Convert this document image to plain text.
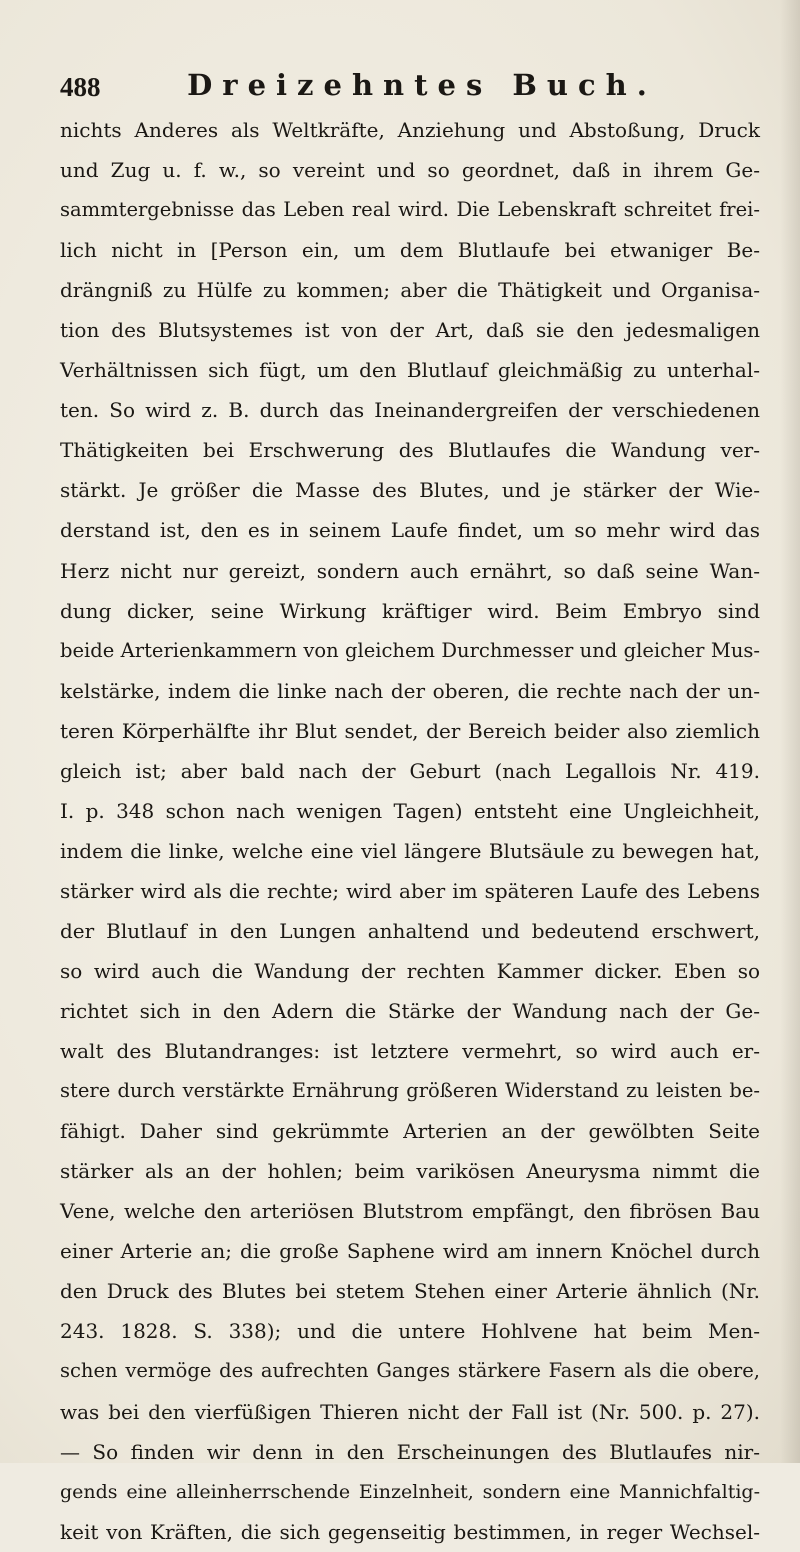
488	Dreizehntes Buch.
nichts Anderes als Weltkräfte, Anziehung und Abstoßung, Druck
und Zug u. f. w., so vereint und so geordnet, daß in ihrem Ge-
sammtergebnisse das Leben real wird. Die Lebenskraft schreitet frei-
lich nicht in [Person ein, um dem Blutlaufe bei etwaniger Be-
drängniß zu Hülfe zu kommen; aber die Thätigkeit und Organisa-
tion des Blutsystemes ist von der Art, daß sie den jedesmaligen
Verhältnissen sich fügt, um den Blutlauf gleichmäßig zu unterhal-
ten. So wird z. B. durch das Ineinandergreifen der verschiedenen
Thätigkeiten bei Erschwerung des Blutlaufes die Wandung ver-
stärkt. Je größer die Masse des Blutes, und je stärker der Wie-
derstand ist, den es in seinem Laufe findet, um so mehr wird das
Herz nicht nur gereizt, sondern auch ernährt, so daß seine Wan-
dung dicker, seine Wirkung kräftiger wird. Beim Embryo sind
beide Arterienkammern von gleichem Durchmesser und gleicher Mus-
kelstärke, indem die linke nach der oberen, die rechte nach der un-
teren Körperhälfte ihr Blut sendet, der Bereich beider also ziemlich
gleich ist; aber bald nach der Geburt (nach Legallois Nr. 419.
I. p. 348 schon nach wenigen Tagen) entsteht eine Ungleichheit,
indem die linke, welche eine viel längere Blutsäule zu bewegen hat,
stärker wird als die rechte; wird aber im späteren Laufe des Lebens
der Blutlauf in den Lungen anhaltend und bedeutend erschwert,
so wird auch die Wandung der rechten Kammer dicker. Eben so
richtet sich in den Adern die Stärke der Wandung nach der Ge-
walt des Blutandranges: ist letztere vermehrt, so wird auch er-
stere durch verstärkte Ernährung größeren Widerstand zu leisten be-
fähigt. Daher sind gekrümmte Arterien an der gewölbten Seite
stärker als an der hohlen; beim varikösen Aneurysma nimmt die
Vene, welche den arteriösen Blutstrom empfängt, den fibrösen Bau
einer Arterie an; die große Saphene wird am innern Knöchel durch
den Druck des Blutes bei stetem Stehen einer Arterie ähnlich (Nr.
243. 1828. S. 338); und die untere Hohlvene hat beim Men-
schen vermöge des aufrechten Ganges stärkere Fasern als die obere,
was bei den vierfüßigen Thieren nicht der Fall ist (Nr. 500. p. 27).
— So finden wir denn in den Erscheinungen des Blutlaufes nir-
gends eine alleinherrschende Einzelnheit, sondern eine Mannichfaltig-
keit von Kräften, die sich gegenseitig bestimmen, in reger Wechsel-
